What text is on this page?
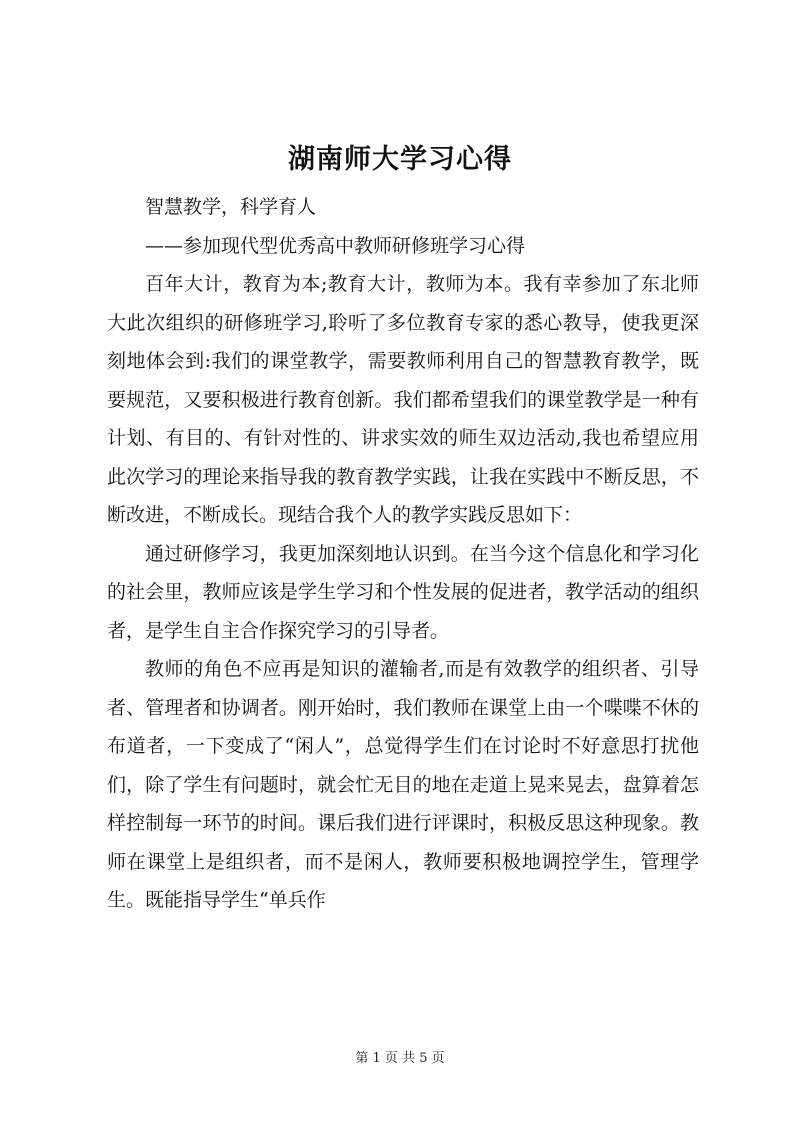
湖南师大学习心得

智慧教学，科学育人

——参加现代型优秀高中教师研修班学习心得

百年大计，教育为本;教育大计，教师为本。我有幸参加了东北师大此次组织的研修班学习,聆听了多位教育专家的悉心教导，使我更深刻地体会到:我们的课堂教学，需要教师利用自己的智慧教育教学，既要规范，又要积极进行教育创新。我们都希望我们的课堂教学是一种有计划、有目的、有针对性的、讲求实效的师生双边活动,我也希望应用此次学习的理论来指导我的教育教学实践，让我在实践中不断反思，不断改进，不断成长。现结合我个人的教学实践反思如下：

通过研修学习，我更加深刻地认识到。在当今这个信息化和学习化的社会里，教师应该是学生学习和个性发展的促进者，教学活动的组织者，是学生自主合作探究学习的引导者。

教师的角色不应再是知识的灌输者,而是有效教学的组织者、引导者、管理者和协调者。刚开始时，我们教师在课堂上由一个喋喋不休的布道者，一下变成了“闲人”，总觉得学生们在讨论时不好意思打扰他们，除了学生有问题时，就会忙无目的地在走道上晃来晃去，盘算着怎样控制每一环节的时间。课后我们进行评课时，积极反思这种现象。教师在课堂上是组织者，而不是闲人，教师要积极地调控学生，管理学生。既能指导学生“单兵作

第 1 页 共 5 页
